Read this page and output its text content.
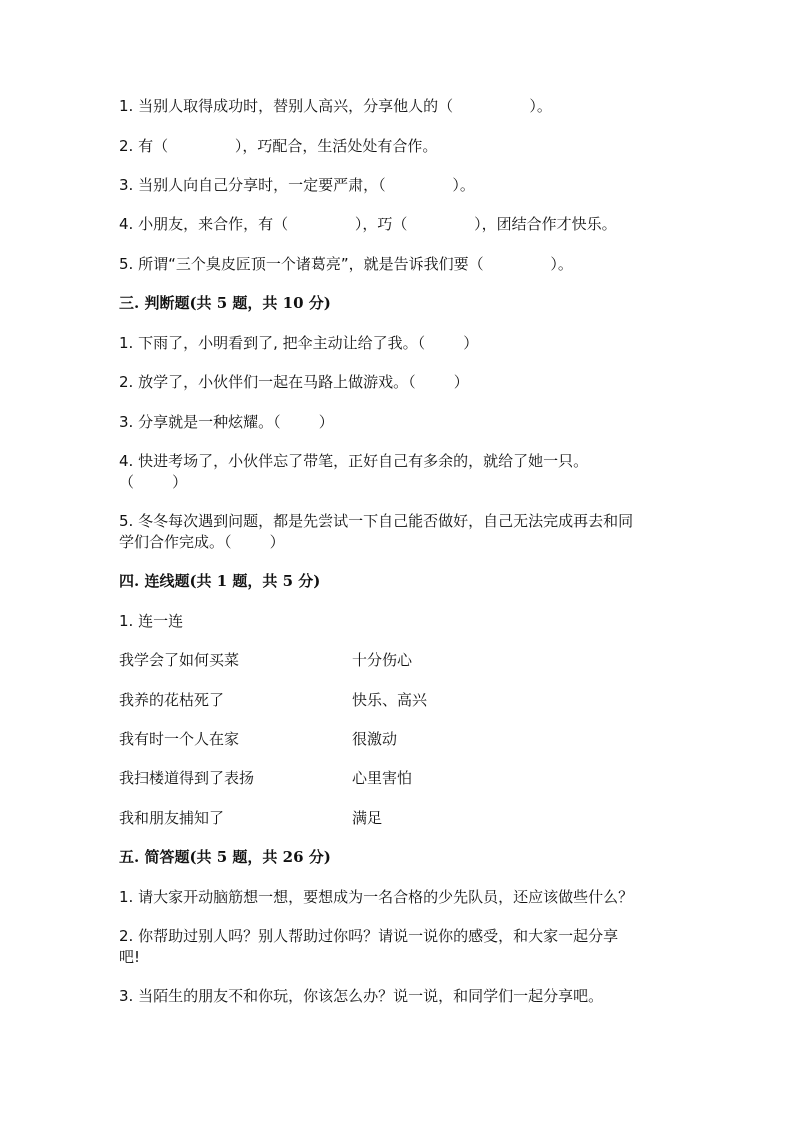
1. 当别人取得成功时，替别人高兴，分享他人的（                ）。
2. 有（              ），巧配合，生活处处有合作。
3. 当别人向自己分享时，一定要严肃，（              ）。
4. 小朋友，来合作，有（              ），巧（              ），团结合作才快乐。
5. 所谓“三个臭皮匠顶一个诸葛亮”，就是告诉我们要（              ）。
三. 判断题(共 5 题，共 10 分)
1. 下雨了，小明看到了, 把伞主动让给了我。（        ）
2. 放学了，小伙伴们一起在马路上做游戏。（        ）
3. 分享就是一种炫耀。（        ）
4. 快进考场了，小伙伴忘了带笔，正好自己有多余的，就给了她一只。
（        ）
5. 冬冬每次遇到问题，都是先尝试一下自己能否做好，自己无法完成再去和同
学们合作完成。（        ）
四. 连线题(共 1 题，共 5 分)
1. 连一连
我学会了如何买菜	十分伤心
我养的花枯死了	快乐、高兴
我有时一个人在家	很激动
我扫楼道得到了表扬	心里害怕
我和朋友捕知了	满足
五. 简答题(共 5 题，共 26 分)
1. 请大家开动脑筋想一想，要想成为一名合格的少先队员，还应该做些什么？
2. 你帮助过别人吗？别人帮助过你吗？请说一说你的感受，和大家一起分享
吧!
3. 当陌生的朋友不和你玩，你该怎么办？说一说，和同学们一起分享吧。
